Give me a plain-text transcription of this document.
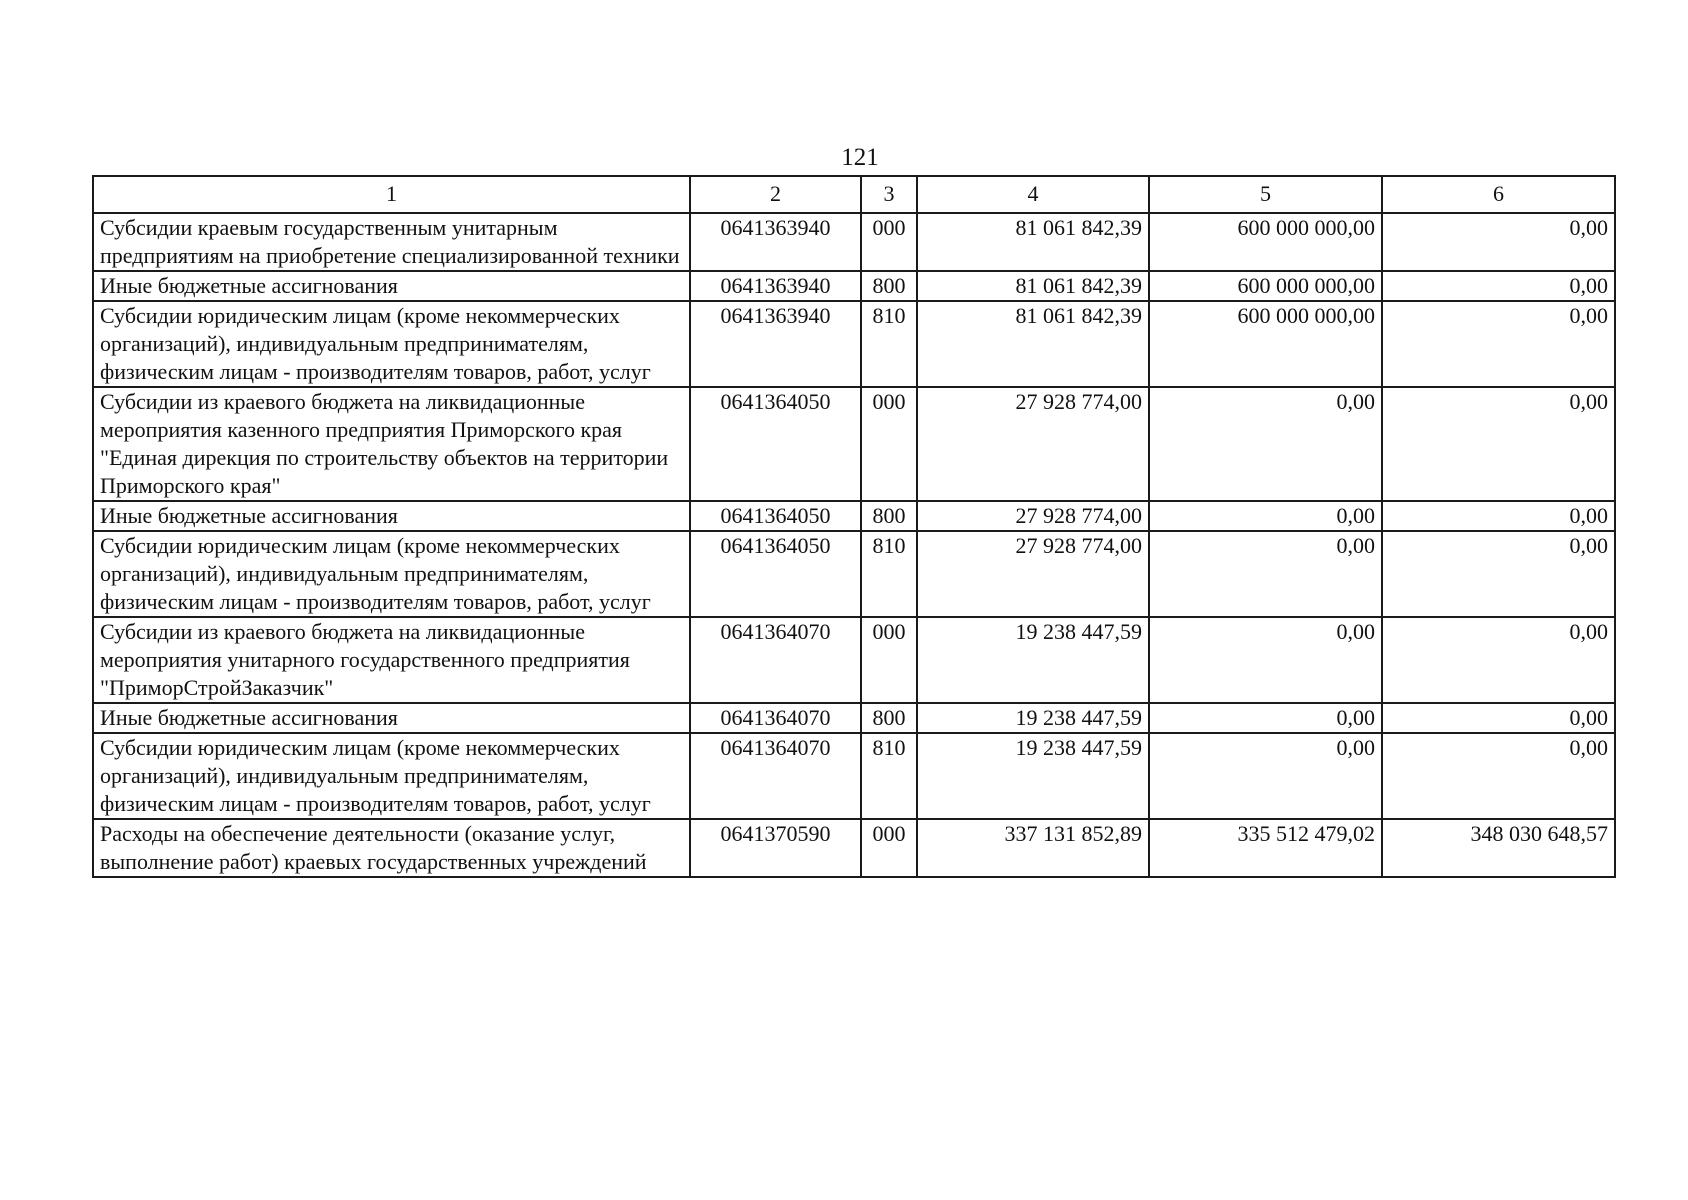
121
1	2	3	4	5	6
Субсидии краевым государственным унитарным предприятиям на приобретение специализированной техники	0641363940	000	81 061 842,39	600 000 000,00	0,00
Иные бюджетные ассигнования	0641363940	800	81 061 842,39	600 000 000,00	0,00
Субсидии юридическим лицам (кроме некоммерческих организаций), индивидуальным предпринимателям, физическим лицам - производителям товаров, работ, услуг	0641363940	810	81 061 842,39	600 000 000,00	0,00
Субсидии из краевого бюджета на ликвидационные мероприятия казенного предприятия Приморского края "Единая дирекция по строительству объектов на территории Приморского края"	0641364050	000	27 928 774,00	0,00	0,00
Иные бюджетные ассигнования	0641364050	800	27 928 774,00	0,00	0,00
Субсидии юридическим лицам (кроме некоммерческих организаций), индивидуальным предпринимателям, физическим лицам - производителям товаров, работ, услуг	0641364050	810	27 928 774,00	0,00	0,00
Субсидии из краевого бюджета на ликвидационные мероприятия унитарного государственного предприятия "ПриморСтройЗаказчик"	0641364070	000	19 238 447,59	0,00	0,00
Иные бюджетные ассигнования	0641364070	800	19 238 447,59	0,00	0,00
Субсидии юридическим лицам (кроме некоммерческих организаций), индивидуальным предпринимателям, физическим лицам - производителям товаров, работ, услуг	0641364070	810	19 238 447,59	0,00	0,00
Расходы на обеспечение деятельности (оказание услуг, выполнение работ) краевых государственных учреждений	0641370590	000	337 131 852,89	335 512 479,02	348 030 648,57
